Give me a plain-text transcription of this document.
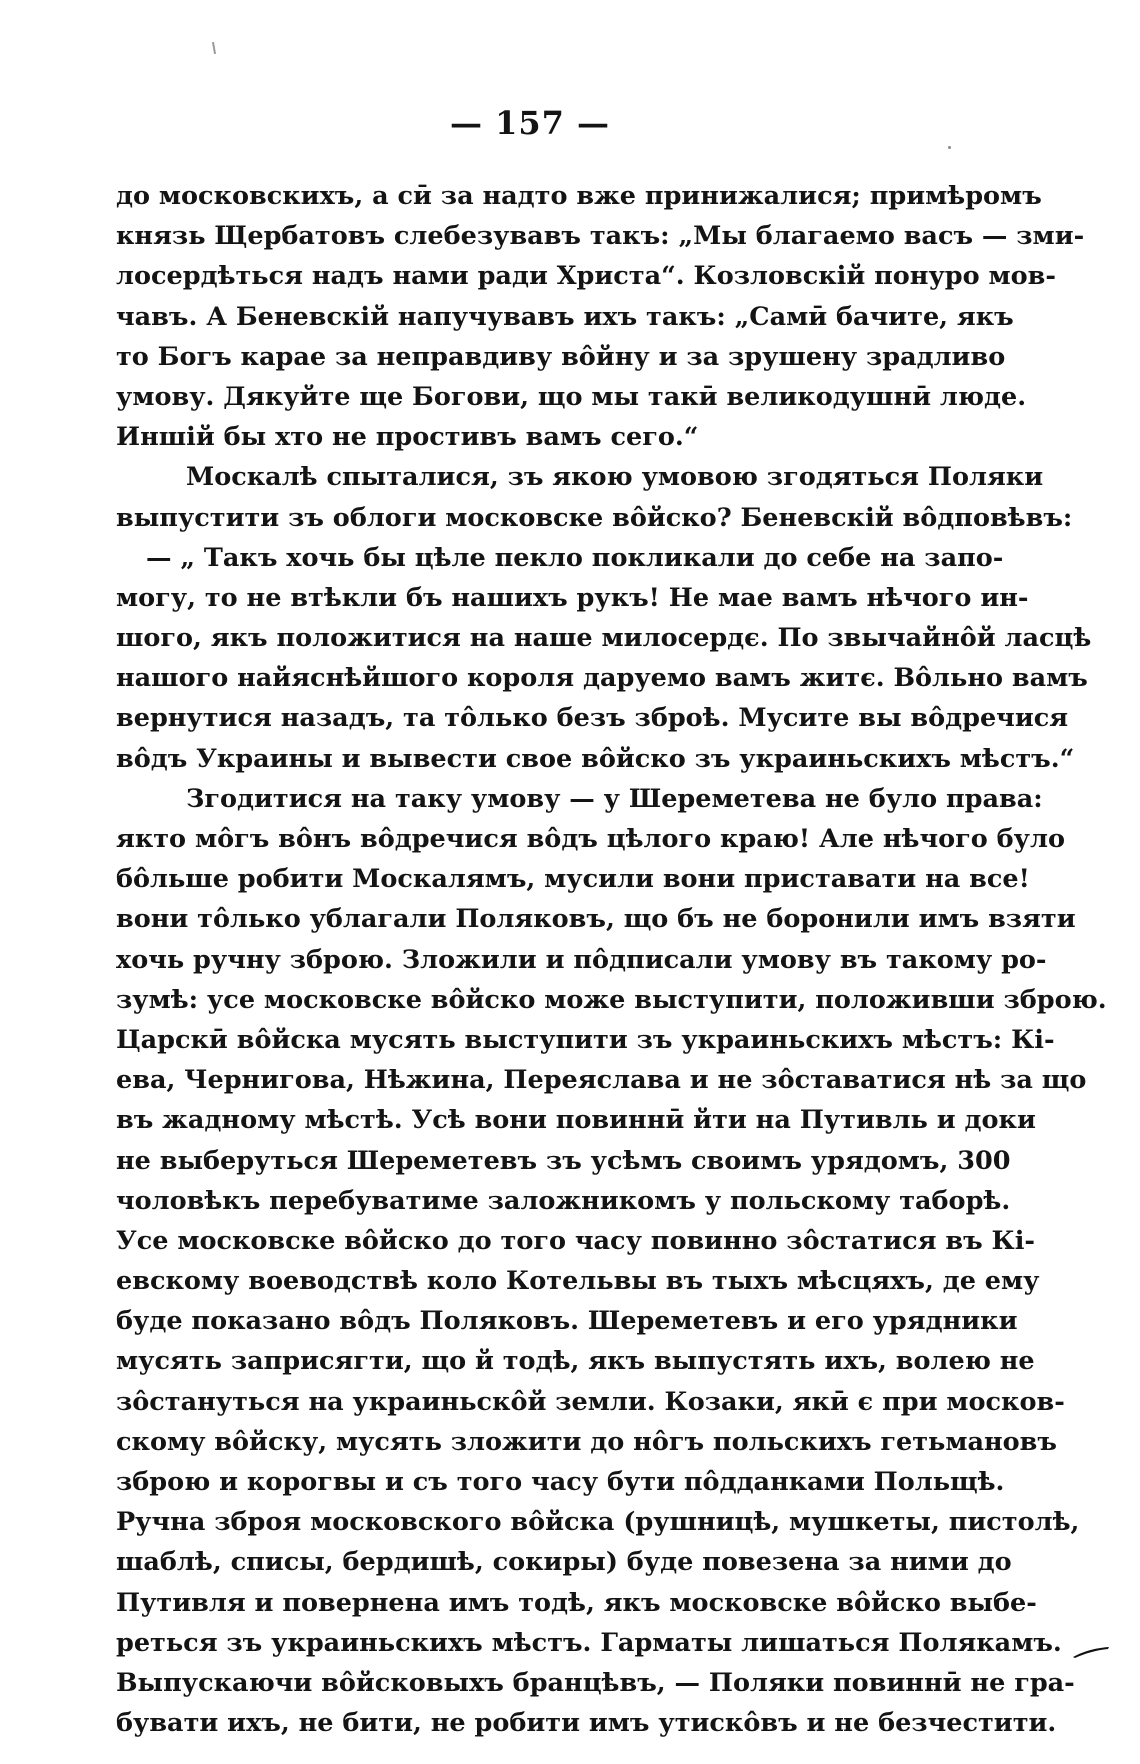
— 157 —
до московскихъ, а сӣ за надто вже принижалися; примѣромъ
князь Щербатовъ слебезувавъ такъ: „Мы благаемо васъ — зми-
лосердѣться надъ нами ради Христа“. Козловскій понуро мов-
чавъ. А Беневскій напучувавъ ихъ такъ: „Самӣ бачите, якъ
то Богъ карае за неправдиву вôйну и за зрушену зрадливо
умову. Дякуйте ще Богови, що мы такӣ великодушнӣ люде.
Иншій бы хто не простивъ вамъ сего.“
Москалѣ спыталися, зъ якою умовою згодяться Поляки
выпустити зъ облоги московске вôйско? Беневскій вôдповѣвъ:
— „ Такъ хочь бы цѣле пекло покликали до себе на запо-
могу, то не втѣкли бъ нашихъ рукъ! Не мае вамъ нѣчого ин-
шого, якъ положитися на наше милосердє. По звычайнôй ласцѣ
нашого найяснѣйшого короля даруемо вамъ житє. Вôльно вамъ
вернутися назадъ, та тôлько безъ зброѣ. Мусите вы вôдречися
вôдъ Украины и вывести свое вôйско зъ украиньскихъ мѣстъ.“
Згодитися на таку умову — у Шереметева не було права:
якто мôгъ вôнъ вôдречися вôдъ цѣлого краю! Але нѣчого було
бôльше робити Москалямъ, мусили вони приставати на все!
вони тôлько ублагали Поляковъ, що бъ не боронили имъ взяти
хочь ручну зброю. Зложили и пôдписали умову въ такому ро-
зумѣ: усе московске вôйско може выступити, положивши зброю.
Царскӣ вôйска мусять выступити зъ украиньскихъ мѣстъ: Кі-
ева, Чернигова, Нѣжина, Переяслава и не зôставатися нѣ за що
въ жадному мѣстѣ. Усѣ вони повиннӣ йти на Путивль и доки
не выберуться Шереметевъ зъ усѣмъ своимъ урядомъ, 300
чоловѣкъ перебуватиме заложникомъ у польскому таборѣ.
Усе московске вôйско до того часу повинно зôстатися въ Кі-
евскому воеводствѣ коло Котельвы въ тыхъ мѣсцяхъ, де ему
буде показано вôдъ Поляковъ. Шереметевъ и его урядники
мусять заприсягти, що й тодѣ, якъ выпустять ихъ, волею не
зôстануться на украиньскôй земли. Козаки, якӣ є при москов-
скому вôйску, мусять зложити до нôгъ польскихъ гетьмановъ
зброю и корогвы и съ того часу бути пôдданками Польщѣ.
Ручна зброя московского вôйска (рушницѣ, мушкеты, пистолѣ,
шаблѣ, списы, бердишѣ, сокиры) буде повезена за ними до
Путивля и повернена имъ тодѣ, якъ московске вôйско выбе-
реться зъ украиньскихъ мѣстъ. Гарматы лишаться Полякамъ.
Выпускаючи вôйсковыхъ бранцѣвъ, — Поляки повиннӣ не гра-
бувати ихъ, не бити, не робити имъ утискôвъ и не безчестити.
